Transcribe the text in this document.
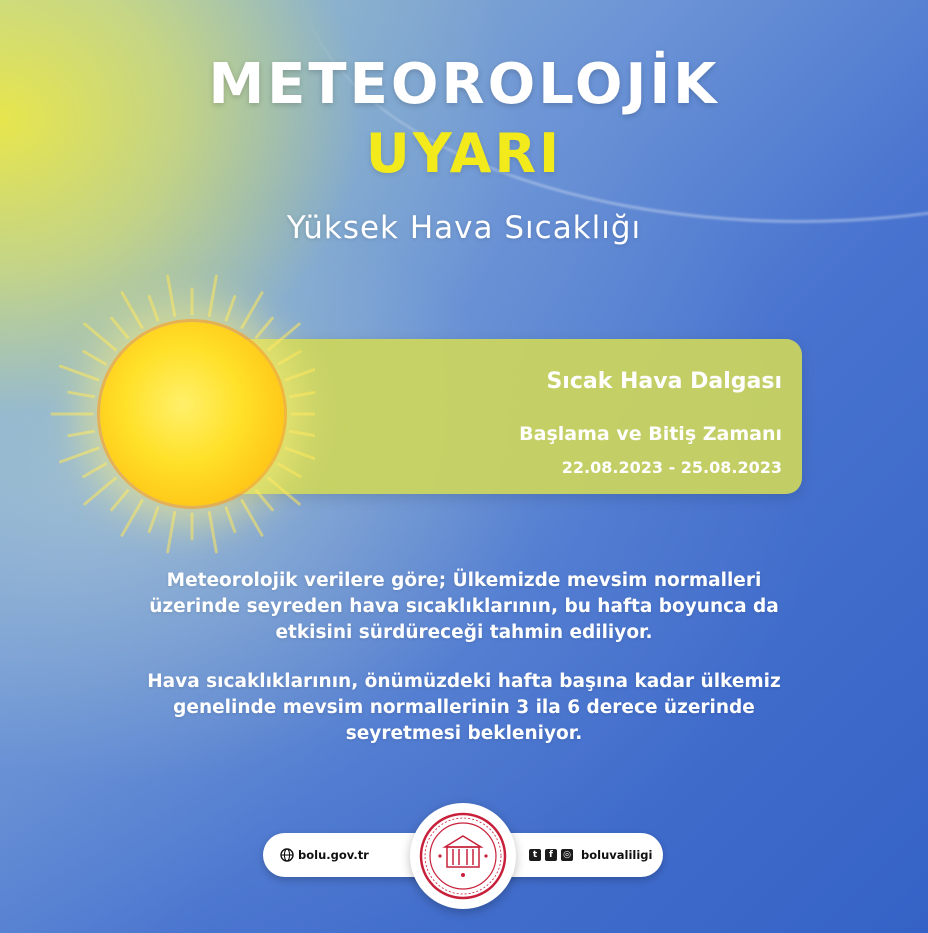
METEOROLOJİK
UYARI
Yüksek Hava Sıcaklığı
Sıcak Hava Dalgası
Başlama ve Bitiş Zamanı
22.08.2023 - 25.08.2023
Meteorolojik verilere göre; Ülkemizde mevsim normalleri üzerinde seyreden hava sıcaklıklarının, bu hafta boyunca da etkisini sürdüreceği tahmin ediliyor.
Hava sıcaklıklarının, önümüzdeki hafta başına kadar ülkemiz genelinde mevsim normallerinin 3 ila 6 derece üzerinde seyretmesi bekleniyor.
bolu.gov.tr	t	f	◎ boluvaliligi
